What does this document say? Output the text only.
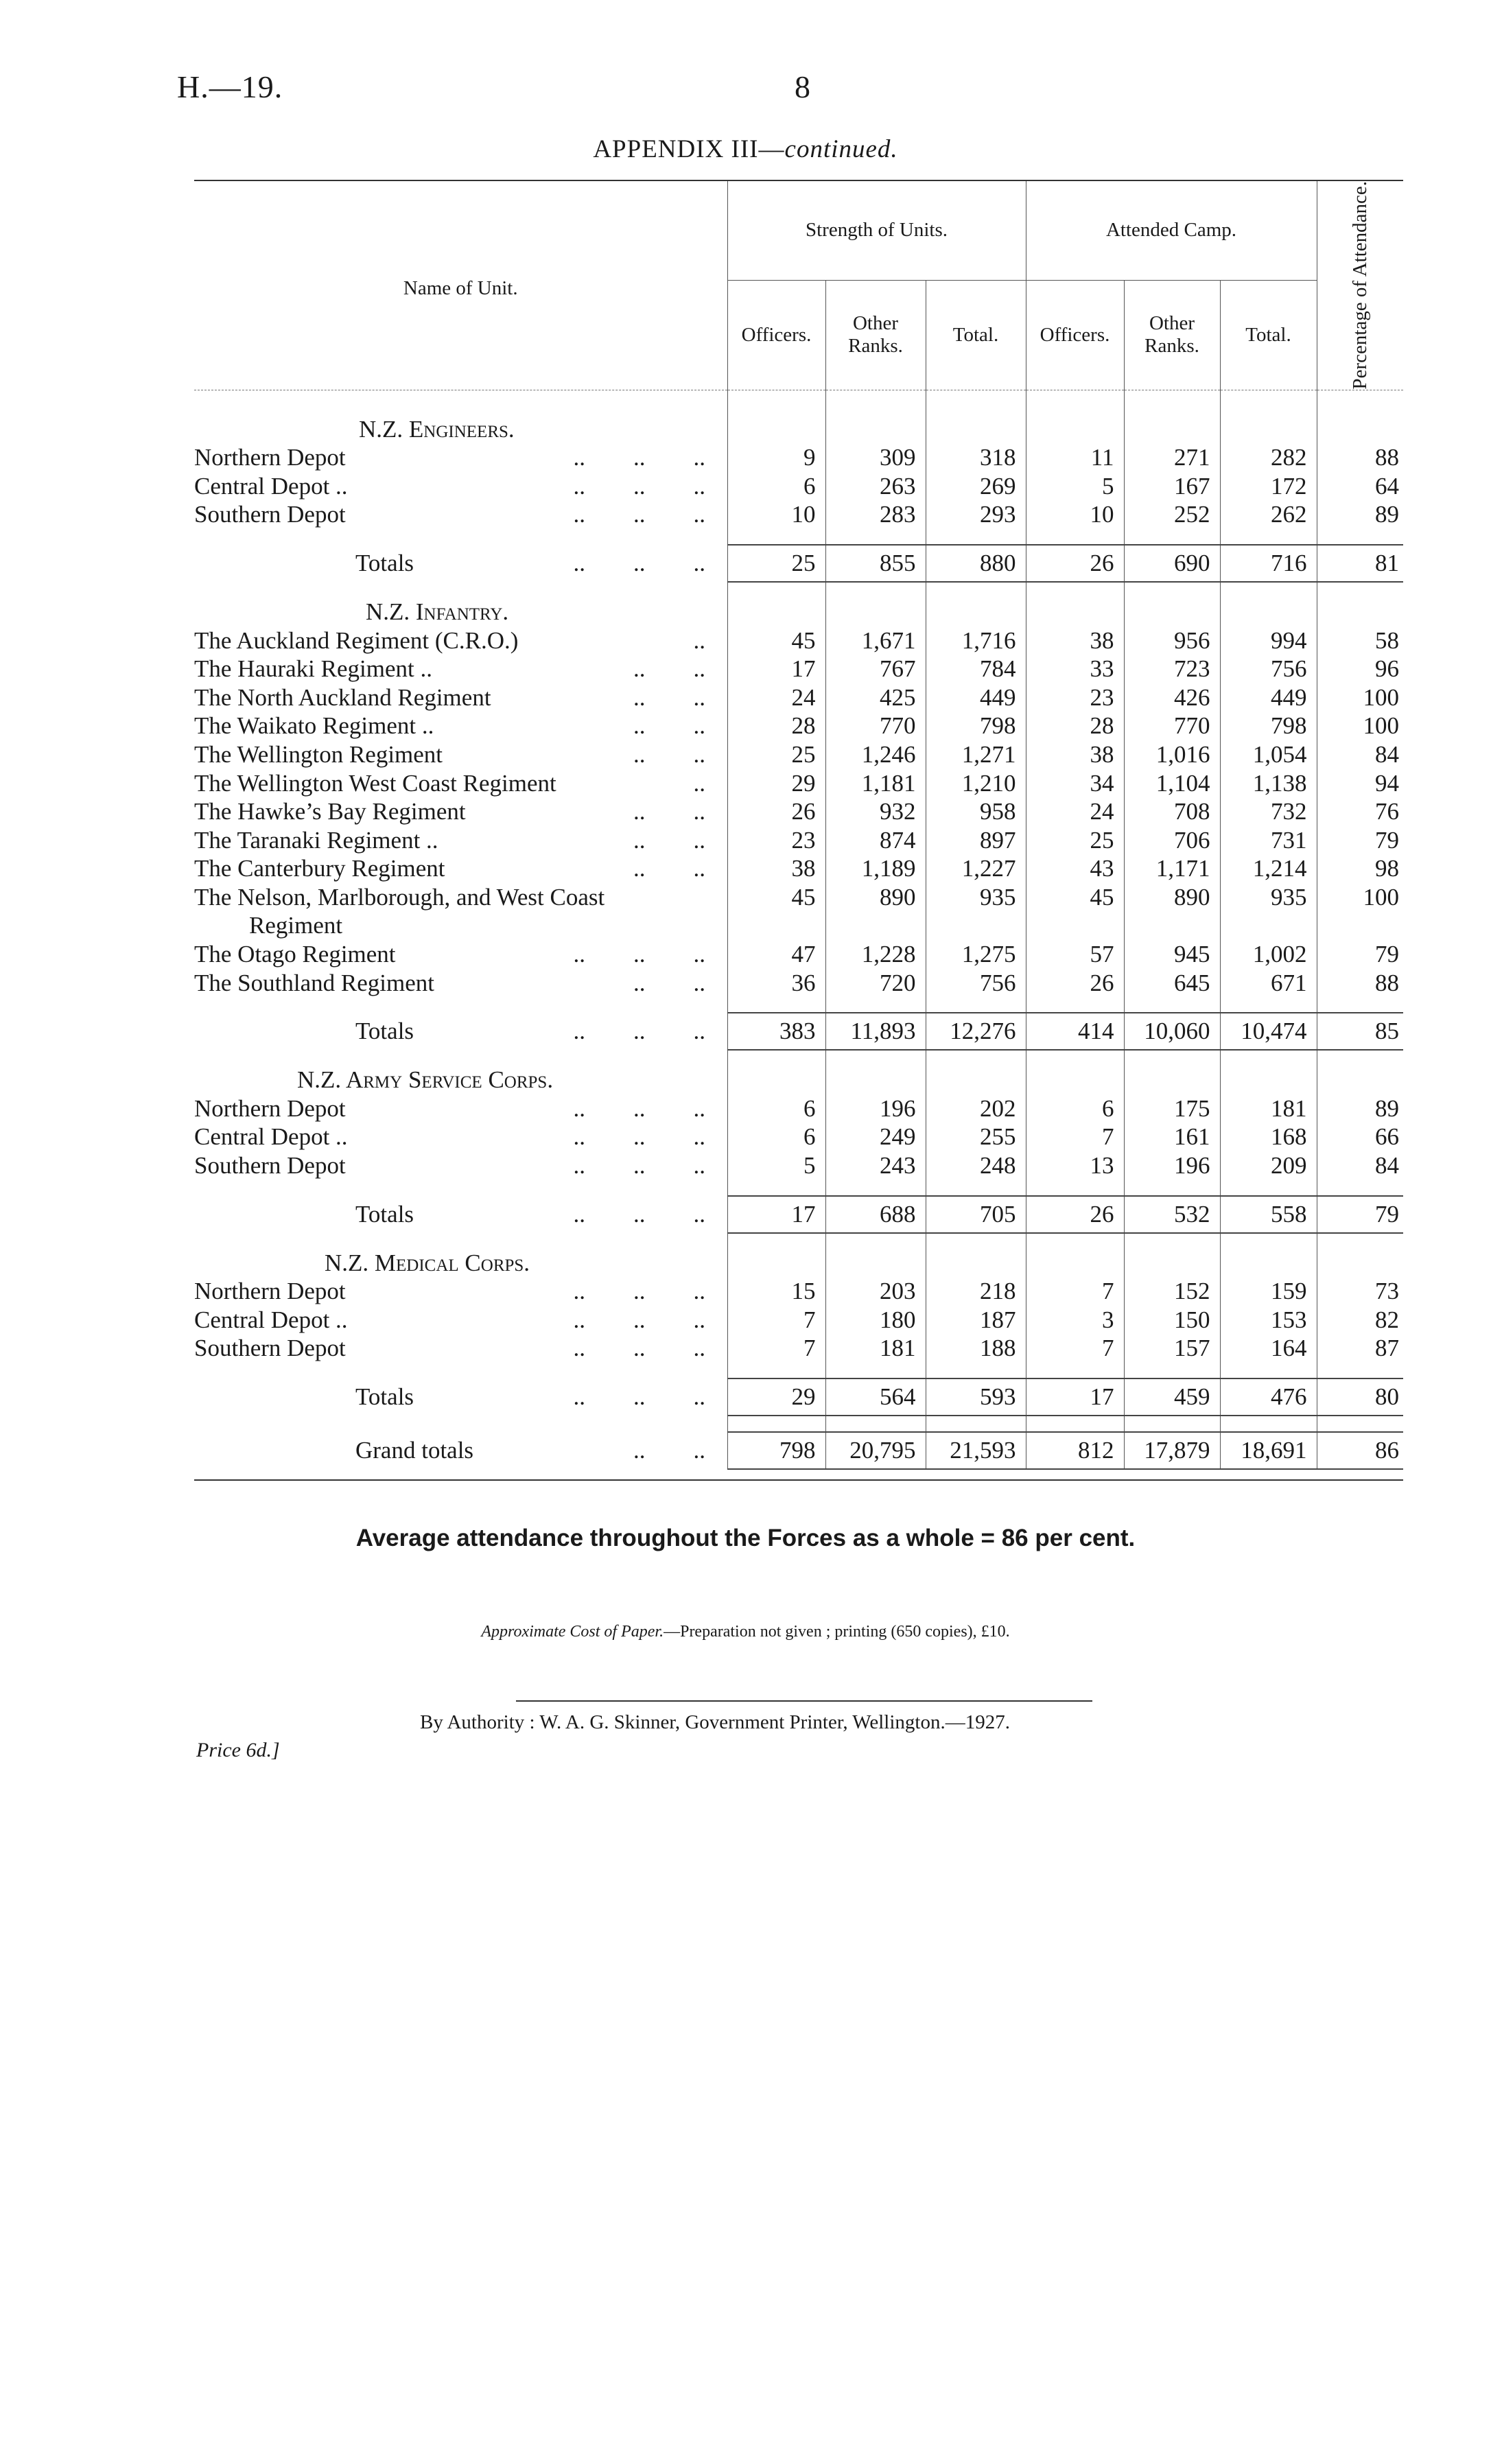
H.—19.	8
APPENDIX III—continued.
Name of Unit.	Strength of Units.			Attended Camp.			Percentage of Attendance.

	Officers.	Other Ranks.	Total.	Officers.	Other Ranks.	Total.	

N.Z. Engineers.							
Northern Depot ..        ..        ..	9	309	318	11	271	282	88
Central Depot .. ..        ..        ..	6	263	269	5	167	172	64
Southern Depot ..        ..        ..	10	283	293	10	252	262	89

Totals ..        ..        ..	25	855	880	26	690	716	81

N.Z. Infantry.							
The Auckland Regiment (C.R.O.) ..	45	1,671	1,716	38	956	994	58
The Hauraki Regiment .. ..        ..	17	767	784	33	723	756	96
The North Auckland Regiment ..        ..	24	425	449	23	426	449	100
The Waikato Regiment .. ..        ..	28	770	798	28	770	798	100
The Wellington Regiment ..        ..	25	1,246	1,271	38	1,016	1,054	84
The Wellington West Coast Regiment ..	29	1,181	1,210	34	1,104	1,138	94
The Hawke’s Bay Regiment ..        ..	26	932	958	24	708	732	76
The Taranaki Regiment .. ..        ..	23	874	897	25	706	731	79
The Canterbury Regiment ..        ..	38	1,189	1,227	43	1,171	1,214	98
The Nelson, Marlborough, and West Coast	45	890	935	45	890	935	100
Regiment

The Otago Regiment ..        ..        ..	47	1,228	1,275	57	945	1,002	79
The Southland Regiment ..        ..	36	720	756	26	645	671	88

Totals ..        ..        ..	383	11,893	12,276	414	10,060	10,474	85

N.Z. Army Service Corps.							
Northern Depot ..        ..        ..	6	196	202	6	175	181	89
Central Depot .. ..        ..        ..	6	249	255	7	161	168	66
Southern Depot ..        ..        ..	5	243	248	13	196	209	84

Totals ..        ..        ..	17	688	705	26	532	558	79

N.Z. Medical Corps.							
Northern Depot ..        ..        ..	15	203	218	7	152	159	73
Central Depot .. ..        ..        ..	7	180	187	3	150	153	82
Southern Depot ..        ..        ..	7	181	188	7	157	164	87

Totals ..        ..        ..	29	564	593	17	459	476	80

Grand totals ..        ..	798	20,795	21,593	812	17,879	18,691	86
Average attendance throughout the Forces as a whole = 86 per cent.
Approximate Cost of Paper.—Preparation not given ; printing (650 copies), £10.
By Authority : W. A. G. Skinner, Government Printer, Wellington.—1927.
Price 6d.]
